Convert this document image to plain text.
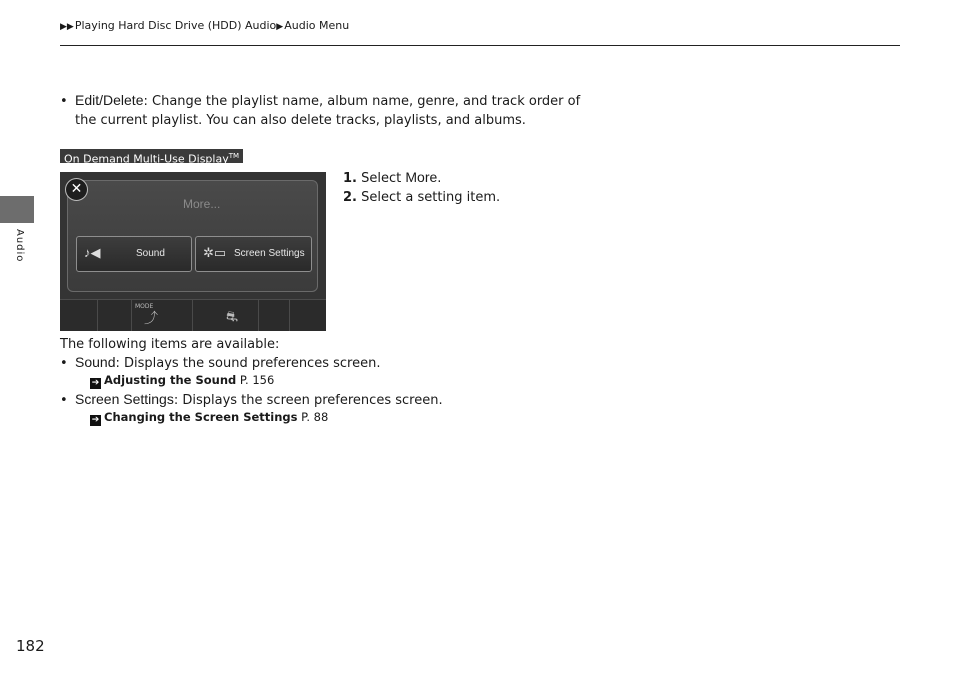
▶▶Playing Hard Disc Drive (HDD) Audio▶Audio Menu
Audio
• Edit/Delete: Change the playlist name, album name, genre, and track order of
the current playlist. You can also delete tracks, playlists, and albums.
On Demand Multi-Use Display™
More...
♪◀	Sound	✲▭ Screen Settings
✕
MODE
⤴	⛐
1. Select More.
2. Select a setting item.
The following items are available:
• Sound: Displays the sound preferences screen.
➔ Adjusting the Sound P. 156
• Screen Settings: Displays the screen preferences screen.
➔ Changing the Screen Settings P. 88
182
